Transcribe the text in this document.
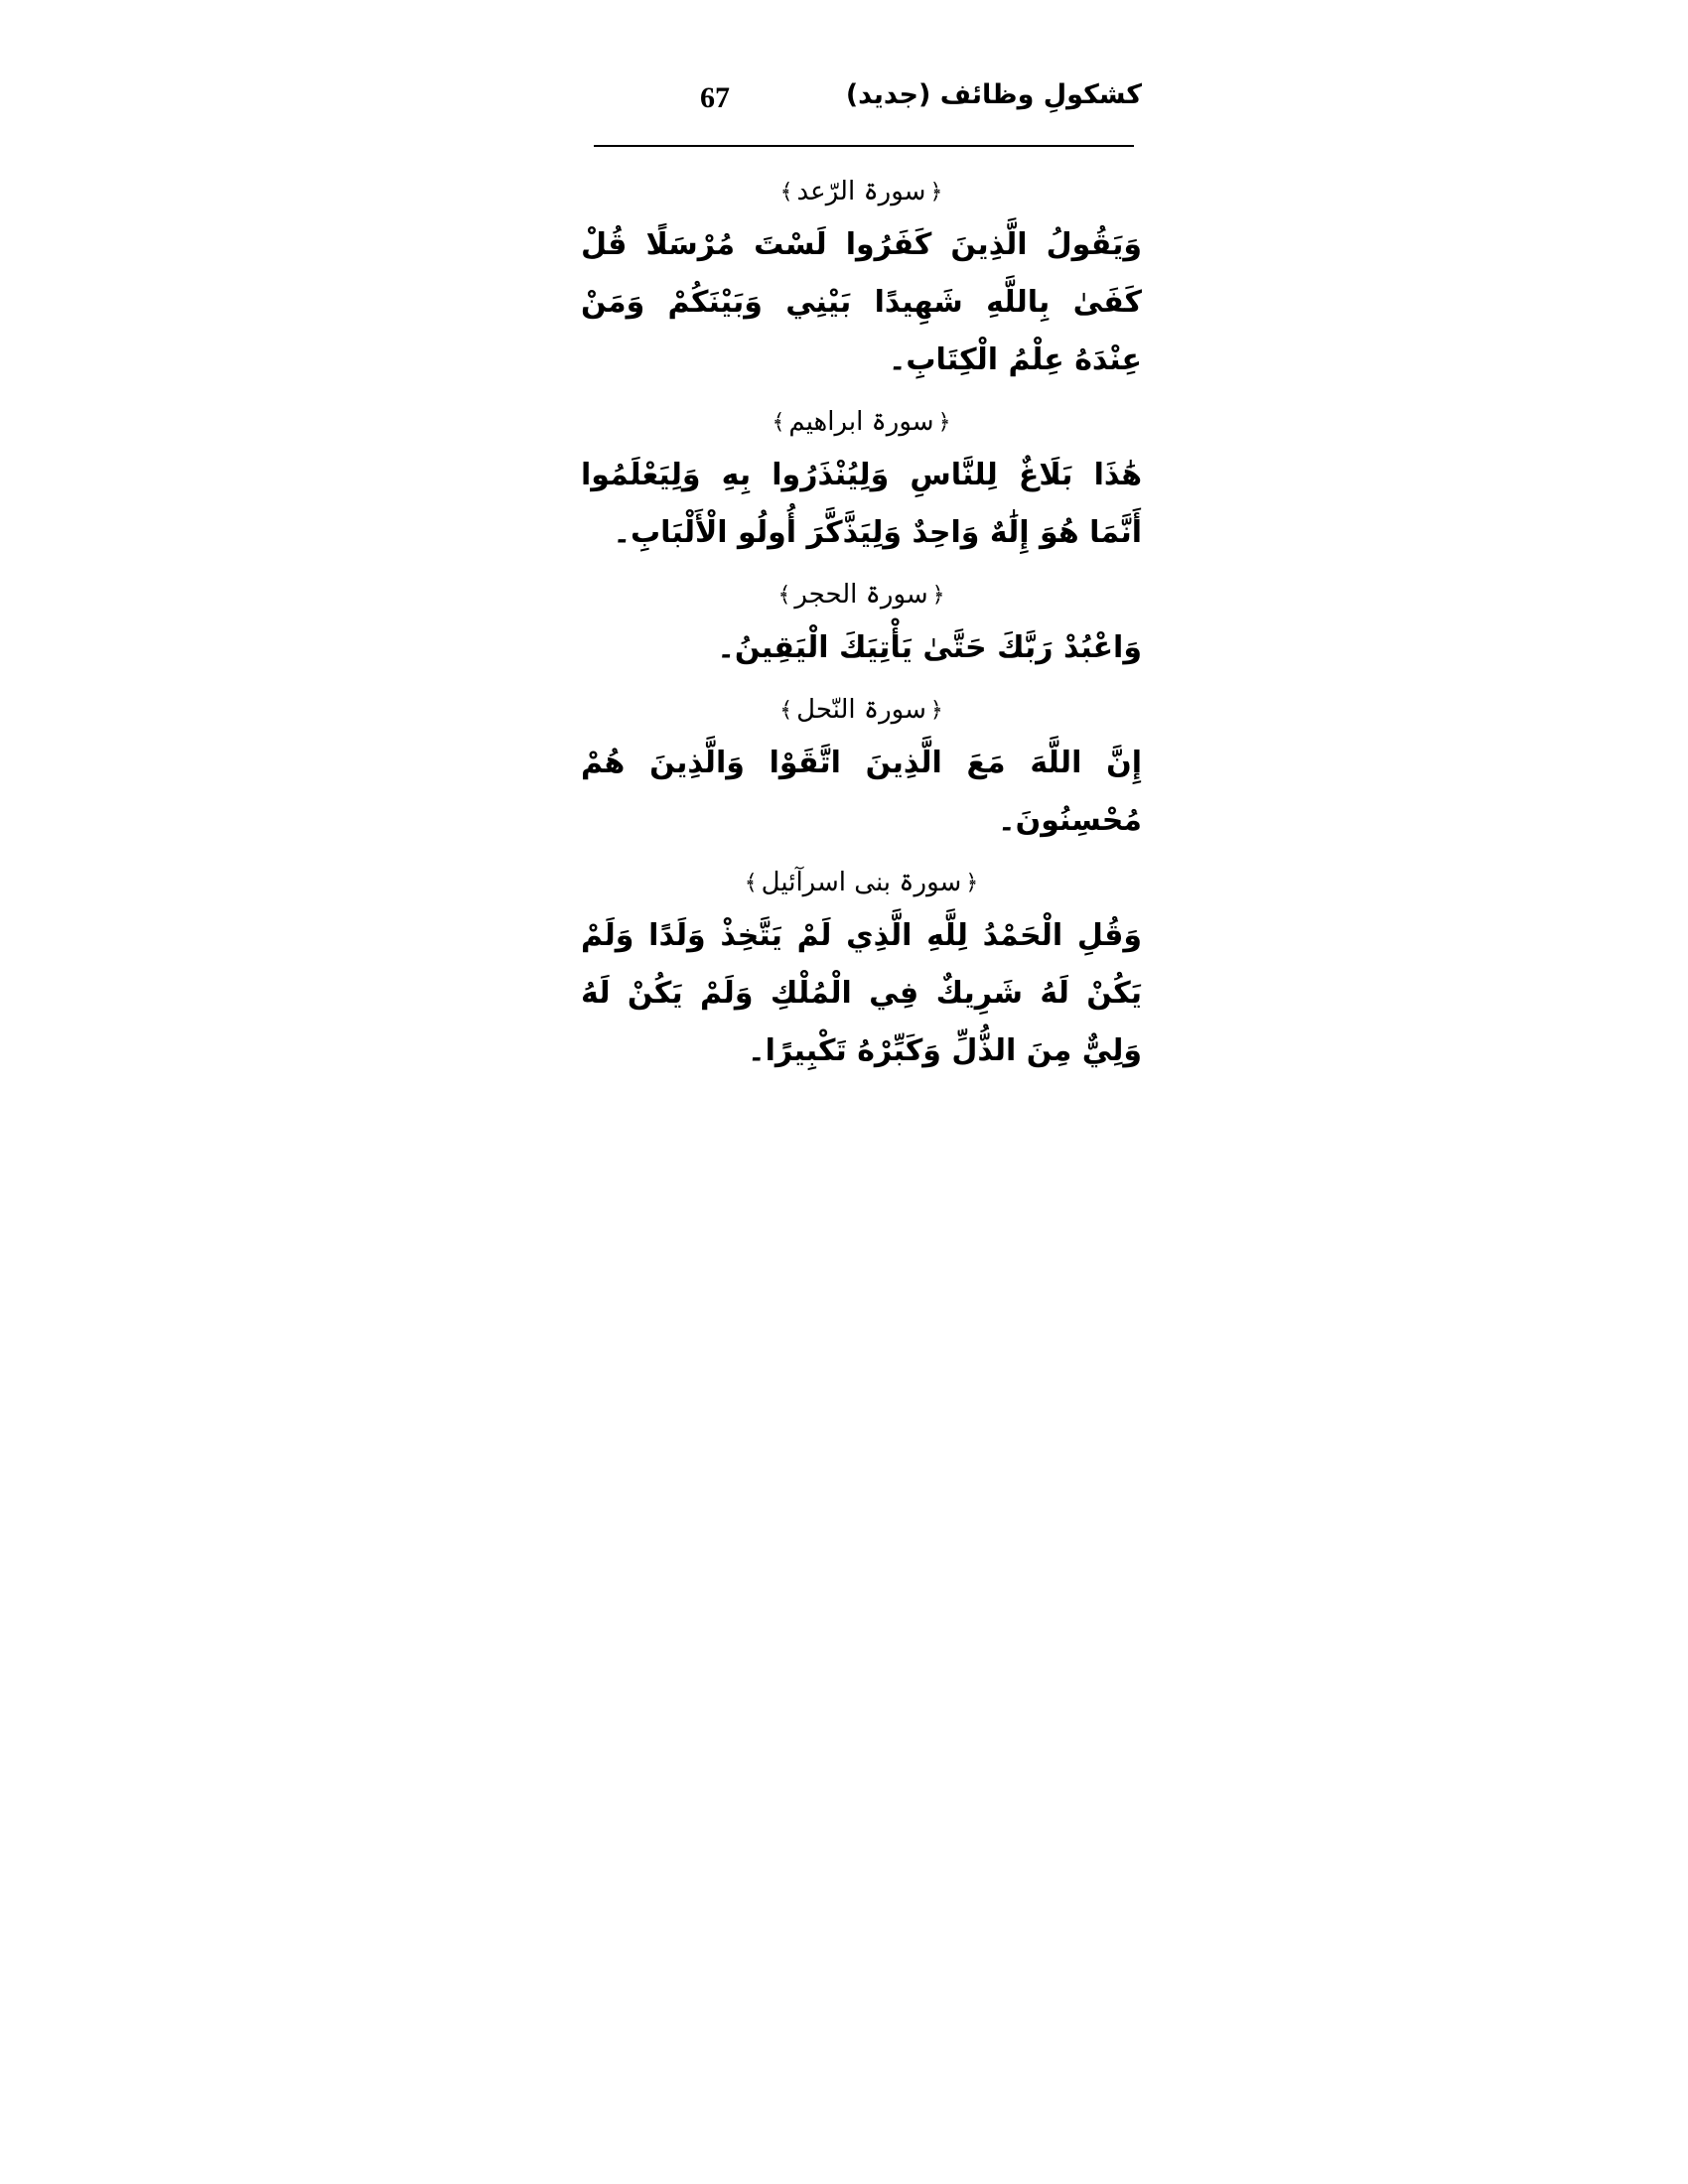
67	کشکولِ وظائف (جدید)
﴿سورۃ الرّعد﴾
وَيَقُولُ الَّذِينَ كَفَرُوا لَسْتَ مُرْسَلًا قُلْ كَفَىٰ بِاللَّهِ شَهِيدًا بَيْنِي وَبَيْنَكُمْ وَمَنْ عِنْدَهُ عِلْمُ الْكِتَابِ۔
﴿سورۃ ابراھیم﴾
هَٰذَا بَلَاغٌ لِلنَّاسِ وَلِيُنْذَرُوا بِهِ وَلِيَعْلَمُوا أَنَّمَا هُوَ إِلَٰهٌ وَاحِدٌ وَلِيَذَّكَّرَ أُولُو الْأَلْبَابِ۔
﴿سورۃ الحجر﴾
وَاعْبُدْ رَبَّكَ حَتَّىٰ يَأْتِيَكَ الْيَقِينُ۔
﴿سورۃ النّحل﴾
إِنَّ اللَّهَ مَعَ الَّذِينَ اتَّقَوْا وَالَّذِينَ هُمْ مُحْسِنُونَ۔
﴿سورۃ بنی اسرآئیل﴾
وَقُلِ الْحَمْدُ لِلَّهِ الَّذِي لَمْ يَتَّخِذْ وَلَدًا وَلَمْ يَكُنْ لَهُ شَرِيكٌ فِي الْمُلْكِ وَلَمْ يَكُنْ لَهُ وَلِيٌّ مِنَ الذُّلِّ وَكَبِّرْهُ تَكْبِيرًا۔
